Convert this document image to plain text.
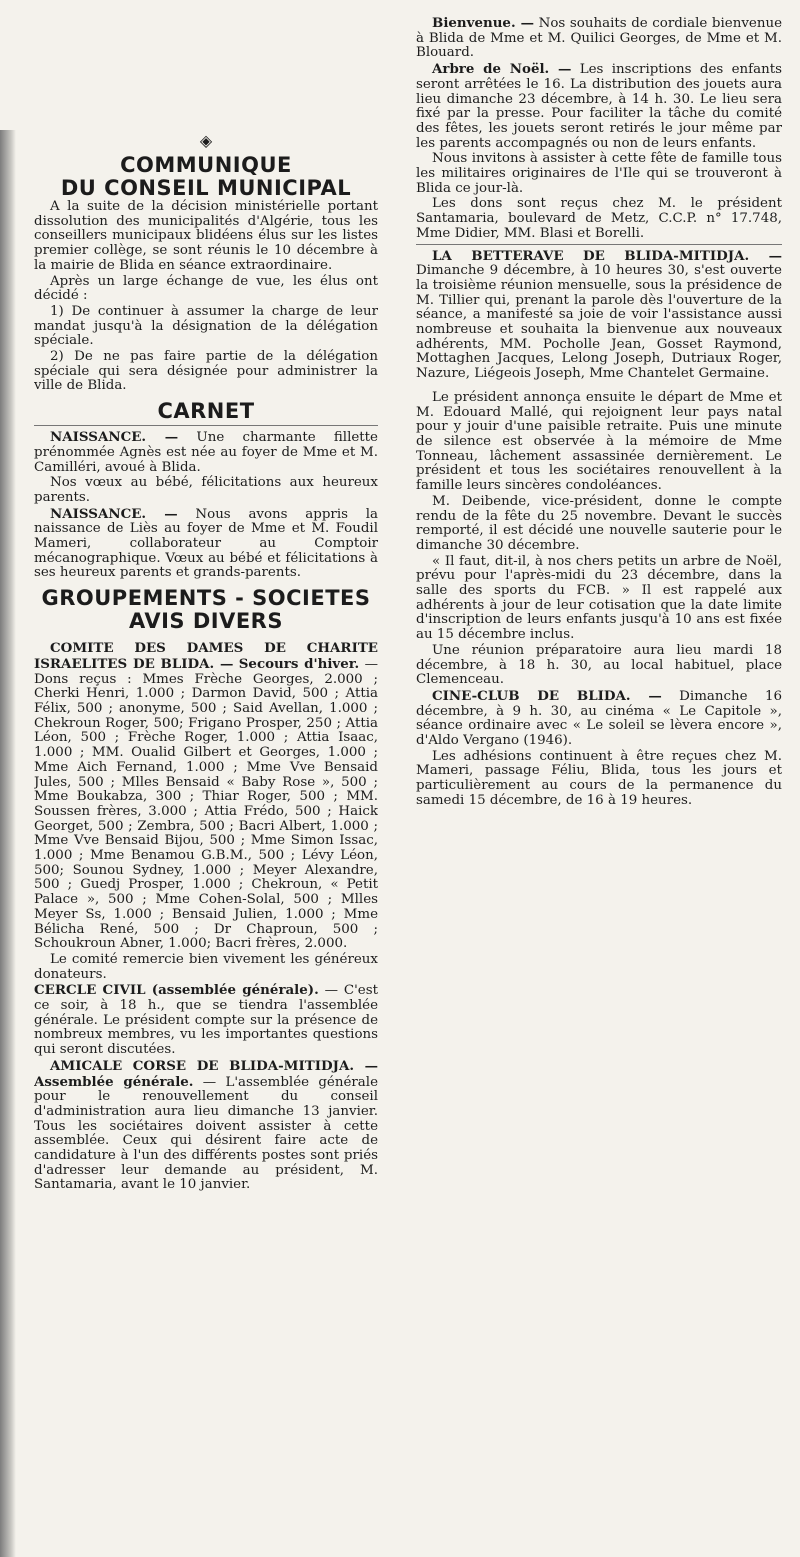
◈
COMMUNIQUE
DU CONSEIL MUNICIPAL

A la suite de la décision ministérielle portant dissolution des municipalités d'Algérie, tous les conseillers municipaux blidéens élus sur les listes premier collège, se sont réunis le 10 décembre à la mairie de Blida en séance extraordinaire.

Après un large échange de vue, les élus ont décidé :

1) De continuer à assumer la charge de leur mandat jusqu'à la désignation de la délégation spéciale.

2) De ne pas faire partie de la délégation spéciale qui sera désignée pour administrer la ville de Blida.

CARNET

NAISSANCE. — Une charmante fillette prénommée Agnès est née au foyer de Mme et M. Camilléri, avoué à Blida.

Nos vœux au bébé, félicitations aux heureux parents.

NAISSANCE. — Nous avons appris la naissance de Liès au foyer de Mme et M. Foudil Mameri, collaborateur au Comptoir mécanographique. Vœux au bébé et félicitations à ses heureux parents et grands-parents.

GROUPEMENTS - SOCIETES
AVIS DIVERS

COMITE DES DAMES DE CHARITE ISRAELITES DE BLIDA. — Secours d'hiver. — Dons reçus : Mmes Frèche Georges, 2.000 ; Cherki Henri, 1.000 ; Darmon David, 500 ; Attia Félix, 500 ; anonyme, 500 ; Said Avellan, 1.000 ; Chekroun Roger, 500; Frigano Prosper, 250 ; Attia Léon, 500 ; Frèche Roger, 1.000 ; Attia Isaac, 1.000 ; MM. Oualid Gilbert et Georges, 1.000 ; Mme Aich Fernand, 1.000 ; Mme Vve Bensaid Jules, 500 ; Mlles Bensaid « Baby Rose », 500 ; Mme Boukabza, 300 ; Thiar Roger, 500 ; MM. Soussen frères, 3.000 ; Attia Frédo, 500 ; Haick Georget, 500 ; Zembra, 500 ; Bacri Albert, 1.000 ; Mme Vve Bensaid Bijou, 500 ; Mme Simon Issac, 1.000 ; Mme Benamou G.B.M., 500 ; Lévy Léon, 500; Sounou Sydney, 1.000 ; Meyer Alexandre, 500 ; Guedj Prosper, 1.000 ; Chekroun, « Petit Palace », 500 ; Mme Cohen-Solal, 500 ; Mlles Meyer Ss, 1.000 ; Bensaid Julien, 1.000 ; Mme Bélicha René, 500 ; Dr Chaproun, 500 ; Schoukroun Abner, 1.000; Bacri frères, 2.000.

Le comité remercie bien vivement les généreux donateurs.

CERCLE CIVIL (assemblée générale). — C'est ce soir, à 18 h., que se tiendra l'assemblée générale. Le président compte sur la présence de nombreux membres, vu les importantes questions qui seront discutées.

AMICALE CORSE DE BLIDA-MITIDJA. — Assemblée générale. — L'assemblée générale pour le renouvellement du conseil d'administration aura lieu dimanche 13 janvier. Tous les sociétaires doivent assister à cette assemblée. Ceux qui désirent faire acte de candidature à l'un des différents postes sont priés d'adresser leur demande au président, M. Santamaria, avant le 10 janvier.

Bienvenue. — Nos souhaits de cordiale bienvenue à Blida de Mme et M. Quilici Georges, de Mme et M. Blouard.

Arbre de Noël. — Les inscriptions des enfants seront arrêtées le 16. La distribution des jouets aura lieu dimanche 23 décembre, à 14 h. 30. Le lieu sera fixé par la presse. Pour faciliter la tâche du comité des fêtes, les jouets seront retirés le jour même par les parents accompagnés ou non de leurs enfants.

Nous invitons à assister à cette fête de famille tous les militaires originaires de l'Ile qui se trouveront à Blida ce jour-là.

Les dons sont reçus chez M. le président Santamaria, boulevard de Metz, C.C.P. n° 17.748, Mme Didier, MM. Blasi et Borelli.

LA BETTERAVE DE BLIDA-MITIDJA. — Dimanche 9 décembre, à 10 heures 30, s'est ouverte la troisième réunion mensuelle, sous la présidence de M. Tillier qui, prenant la parole dès l'ouverture de la séance, a manifesté sa joie de voir l'assistance aussi nombreuse et souhaita la bienvenue aux nouveaux adhérents, MM. Pocholle Jean, Gosset Raymond, Mottaghen Jacques, Lelong Joseph, Dutriaux Roger, Nazure, Liégeois Joseph, Mme Chantelet Germaine.

Le président annonça ensuite le départ de Mme et M. Edouard Mallé, qui rejoignent leur pays natal pour y jouir d'une paisible retraite. Puis une minute de silence est observée à la mémoire de Mme Tonneau, lâchement assassinée dernièrement. Le président et tous les sociétaires renouvellent à la famille leurs sincères condoléances.

M. Deibende, vice-président, donne le compte rendu de la fête du 25 novembre. Devant le succès remporté, il est décidé une nouvelle sauterie pour le dimanche 30 décembre.

« Il faut, dit-il, à nos chers petits un arbre de Noël, prévu pour l'après-midi du 23 décembre, dans la salle des sports du FCB. » Il est rappelé aux adhérents à jour de leur cotisation que la date limite d'inscription de leurs enfants jusqu'à 10 ans est fixée au 15 décembre inclus.

Une réunion préparatoire aura lieu mardi 18 décembre, à 18 h. 30, au local habituel, place Clemenceau.

CINE-CLUB DE BLIDA. — Dimanche 16 décembre, à 9 h. 30, au cinéma « Le Capitole », séance ordinaire avec « Le soleil se lèvera encore », d'Aldo Vergano (1946).

Les adhésions continuent à être reçues chez M. Mameri, passage Féliu, Blida, tous les jours et particulièrement au cours de la permanence du samedi 15 décembre, de 16 à 19 heures.
